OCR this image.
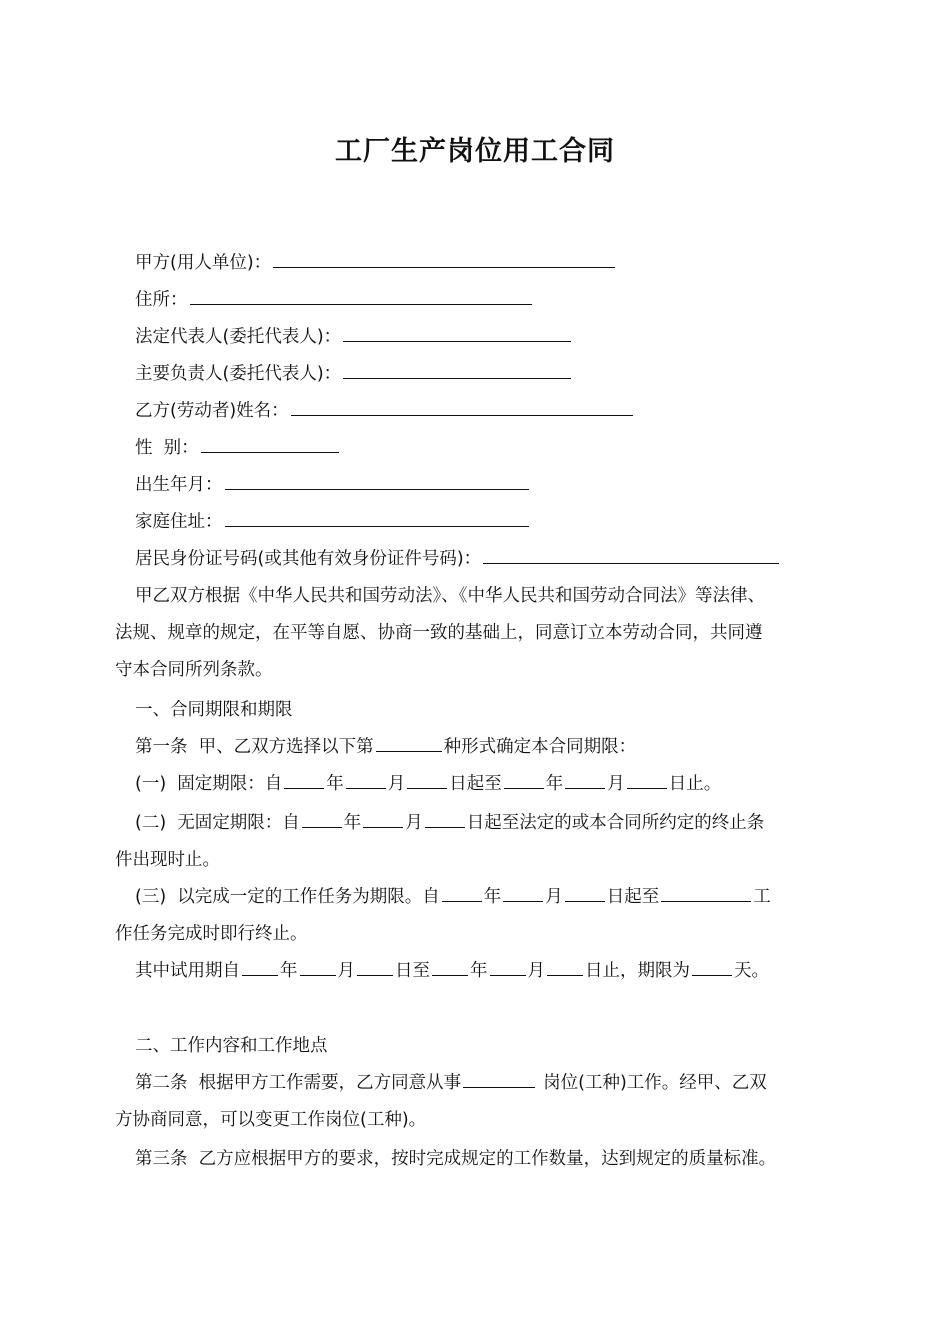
工厂生产岗位用工合同
甲方(用人单位)：
住所：
法定代表人(委托代表人)：
主要负责人(委托代表人)：
乙方(劳动者)姓名：
性  别：
出生年月：
家庭住址：
居民身份证号码(或其他有效身份证件号码)：
甲乙双方根据《中华人民共和国劳动法》、《中华人民共和国劳动合同法》等法律、
法规、规章的规定，在平等自愿、协商一致的基础上，同意订立本劳动合同，共同遵
守本合同所列条款。
一、合同期限和期限
第一条  甲、乙双方选择以下第	种形式确定本合同期限：
(一)  固定期限：自	年	月	日起至	年	月	日止。
(二)  无固定期限：自	年	月	日起至法定的或本合同所约定的终止条
件出现时止。
(三)  以完成一定的工作任务为期限。自	年	月	日起至	工
作任务完成时即行终止。
其中试用期自 年 月 日至 年 月 日止，期限为	天。
二、工作内容和工作地点
第二条  根据甲方工作需要，乙方同意从事	岗位(工种)工作。经甲、乙双
方协商同意，可以变更工作岗位(工种)。
第三条  乙方应根据甲方的要求，按时完成规定的工作数量，达到规定的质量标准。
